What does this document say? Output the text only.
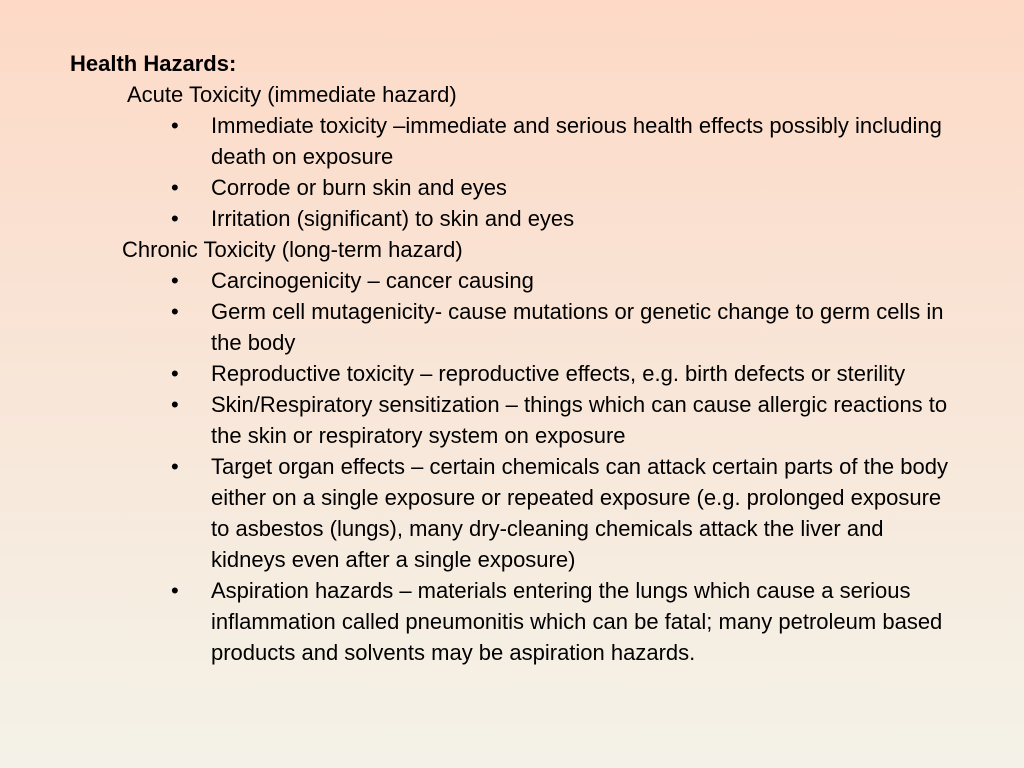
Health Hazards:

Acute Toxicity (immediate hazard)

• Immediate toxicity –immediate and serious health effects possibly including death on exposure
• Corrode or burn skin and eyes
• Irritation (significant) to skin and eyes

Chronic Toxicity (long-term hazard)

• Carcinogenicity – cancer causing
• Germ cell mutagenicity- cause mutations or genetic change to germ cells in the body
• Reproductive toxicity – reproductive effects, e.g. birth defects or sterility
• Skin/Respiratory sensitization – things which can cause allergic reactions to the skin or respiratory system on exposure
• Target organ effects – certain chemicals can attack certain parts of the body either on a single exposure or repeated exposure (e.g. prolonged exposure to asbestos (lungs), many dry-cleaning chemicals attack the liver and kidneys even after a single exposure)
• Aspiration hazards – materials entering the lungs which cause a serious inflammation called pneumonitis which can be fatal; many petroleum based products and solvents may be aspiration hazards.
